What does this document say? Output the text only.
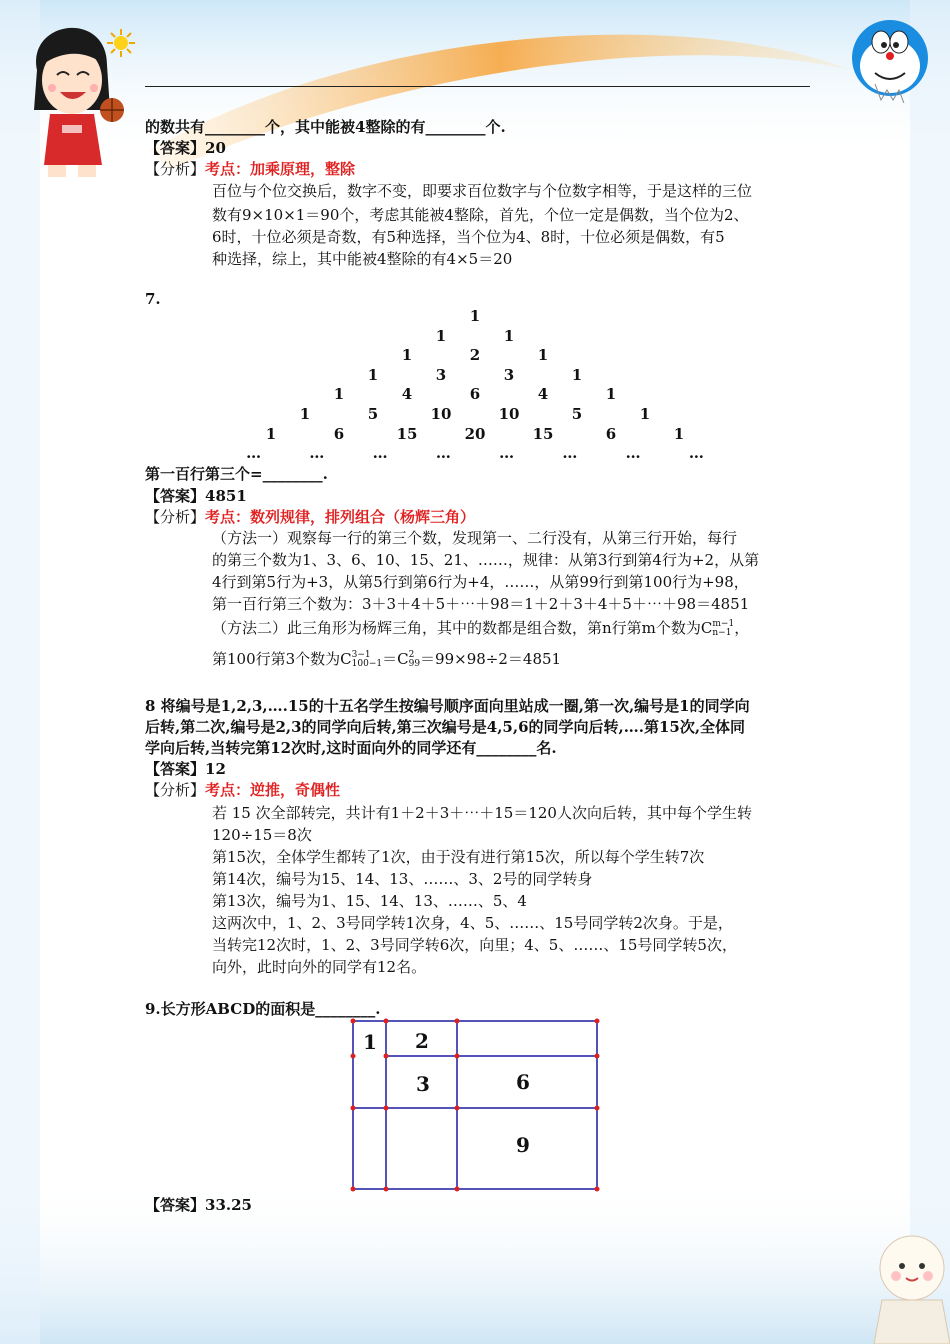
的数共有________个，其中能被4整除的有________个.
【答案】20
【分析】考点：加乘原理，整除
百位与个位交换后，数字不变，即要求百位数字与个位数字相等，于是这样的三位
数有9×10×1＝90个，考虑其能被4整除，首先，个位一定是偶数，当个位为2、
6时，十位必须是奇数，有5种选择，当个位为4、8时，十位必须是偶数，有5
种选择，综上，其中能被4整除的有4×5＝20
7.
1
1	1
1	2	1
1	3	3	1
1	4	6	4	1
1	5	10	10	5	1
1	6	15	20	15	6	1
…	…	…	…	…	…	…	…
第一百行第三个=________.
【答案】4851
【分析】考点：数列规律，排列组合（杨辉三角）
（方法一）观察每一行的第三个数，发现第一、二行没有，从第三行开始，每行
的第三个数为1、3、6、10、15、21、……，规律：从第3行到第4行为+2，从第
4行到第5行为+3，从第5行到第6行为+4，……，从第99行到第100行为+98，
第一百行第三个数为：3＋3＋4＋5＋⋯＋98＝1＋2＋3＋4＋5＋⋯＋98＝4851
（方法二）此三角形为杨辉三角，其中的数都是组合数，第n行第m个数为C m−1
n−1 ，
第100行第3个数为C 3−1
100−1 ＝C 2
99 ＝99×98÷2＝4851
8 将编号是1,2,3,….15的十五名学生按编号顺序面向里站成一圈,第一次,编号是1的同学向
后转,第二次,编号是2,3的同学向后转,第三次编号是4,5,6的同学向后转,….第15次,全体同
学向后转,当转完第12次时,这时面向外的同学还有________名.
【答案】12
【分析】考点：逆推，奇偶性
若 15 次全部转完，共计有1＋2＋3＋⋯＋15＝120人次向后转，其中每个学生转
120÷15＝8次
第15次，全体学生都转了1次，由于没有进行第15次，所以每个学生转7次
第14次，编号为15、14、13、……、3、2号的同学转身
第13次，编号为1、15、14、13、……、5、4
这两次中，1、2、3号同学转1次身，4、5、……、15号同学转2次身。于是，
当转完12次时，1、2、3号同学转6次，向里；4、5、……、15号同学转5次，
向外，此时向外的同学有12名。
9.长方形ABCD的面积是________.
1 2
3	6
9
【答案】33.25
